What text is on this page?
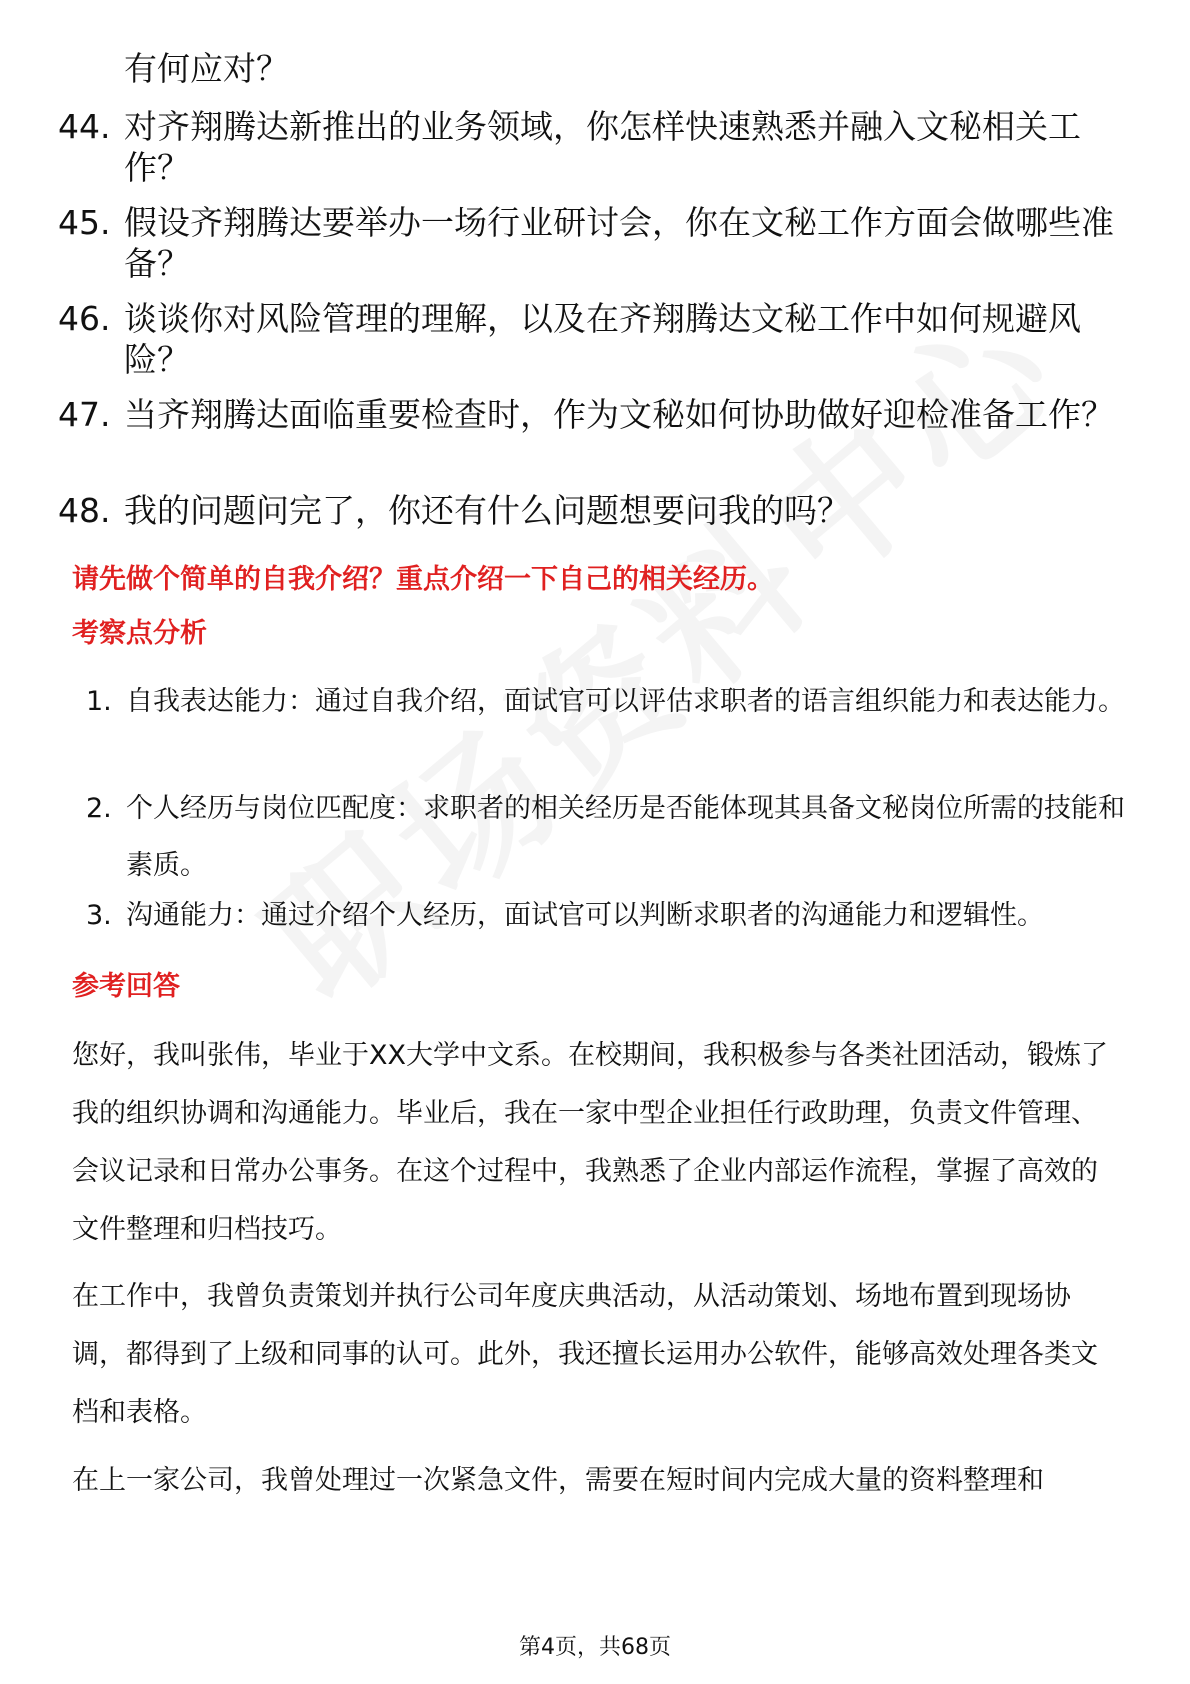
有何应对？
44. 对齐翔腾达新推出的业务领域，你怎样快速熟悉并融入文秘相关工作？
45. 假设齐翔腾达要举办一场行业研讨会，你在文秘工作方面会做哪些准备？
46. 谈谈你对风险管理的理解，以及在齐翔腾达文秘工作中如何规避风险？
47. 当齐翔腾达面临重要检查时，作为文秘如何协助做好迎检准备工作？
48. 我的问题问完了，你还有什么问题想要问我的吗？
请先做个简单的自我介绍？重点介绍一下自己的相关经历。
考察点分析
1. 自我表达能力：通过自我介绍，面试官可以评估求职者的语言组织能力和表达能力。
2. 个人经历与岗位匹配度：求职者的相关经历是否能体现其具备文秘岗位所需的技能和素质。
3. 沟通能力：通过介绍个人经历，面试官可以判断求职者的沟通能力和逻辑性。
参考回答
您好，我叫张伟，毕业于XX大学中文系。在校期间，我积极参与各类社团活动，锻炼了我的组织协调和沟通能力。毕业后，我在一家中型企业担任行政助理，负责文件管理、会议记录和日常办公事务。在这个过程中，我熟悉了企业内部运作流程，掌握了高效的文件整理和归档技巧。
在工作中，我曾负责策划并执行公司年度庆典活动，从活动策划、场地布置到现场协调，都得到了上级和同事的认可。此外，我还擅长运用办公软件，能够高效处理各类文档和表格。
在上一家公司，我曾处理过一次紧急文件，需要在短时间内完成大量的资料整理和
第4页，共68页
